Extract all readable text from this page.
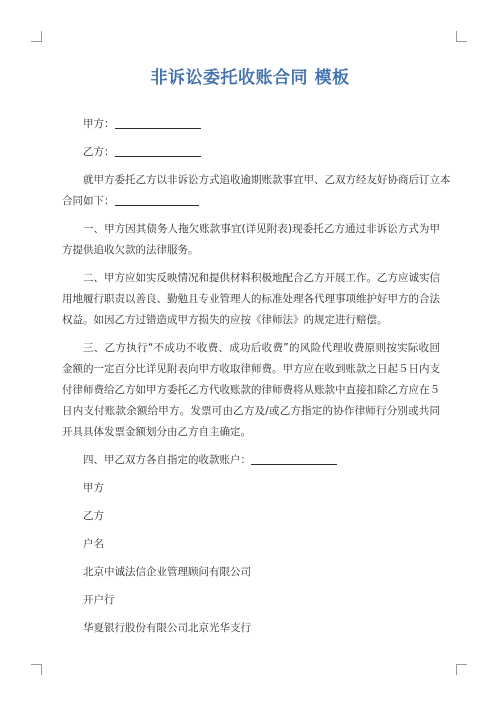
非诉讼委托收账合同 模板

甲方：

乙方：

就甲方委托乙方以非诉讼方式追收逾期账款事宜甲、乙双方经友好协商后订立本

合同如下：

一、甲方因其债务人拖欠账款事宜(详见附表)现委托乙方通过非诉讼方式为甲方提供追收欠款的法律服务。

二、甲方应如实反映情况和提供材料积极地配合乙方开展工作。乙方应诚实信用地履行职责以善良、勤勉且专业管理人的标准处理各代理事项维护好甲方的合法权益。如因乙方过错造成甲方损失的应按《律师法》的规定进行赔偿。

三、乙方执行“不成功不收费、成功后收费”的风险代理收费原则按实际收回金额的一定百分比详见附表向甲方收取律师费。甲方应在收到账款之日起５日内支付律师费给乙方如甲方委托乙方代收账款的律师费将从账款中直接扣除乙方应在５日内支付账款余额给甲方。发票可由乙方及/或乙方指定的协作律师行分别或共同开具具体发票金额划分由乙方自主确定。

四、甲乙双方各自指定的收款账户：

甲方

乙方

户名

北京中诚法信企业管理顾问有限公司

开户行

华夏银行股份有限公司北京光华支行
